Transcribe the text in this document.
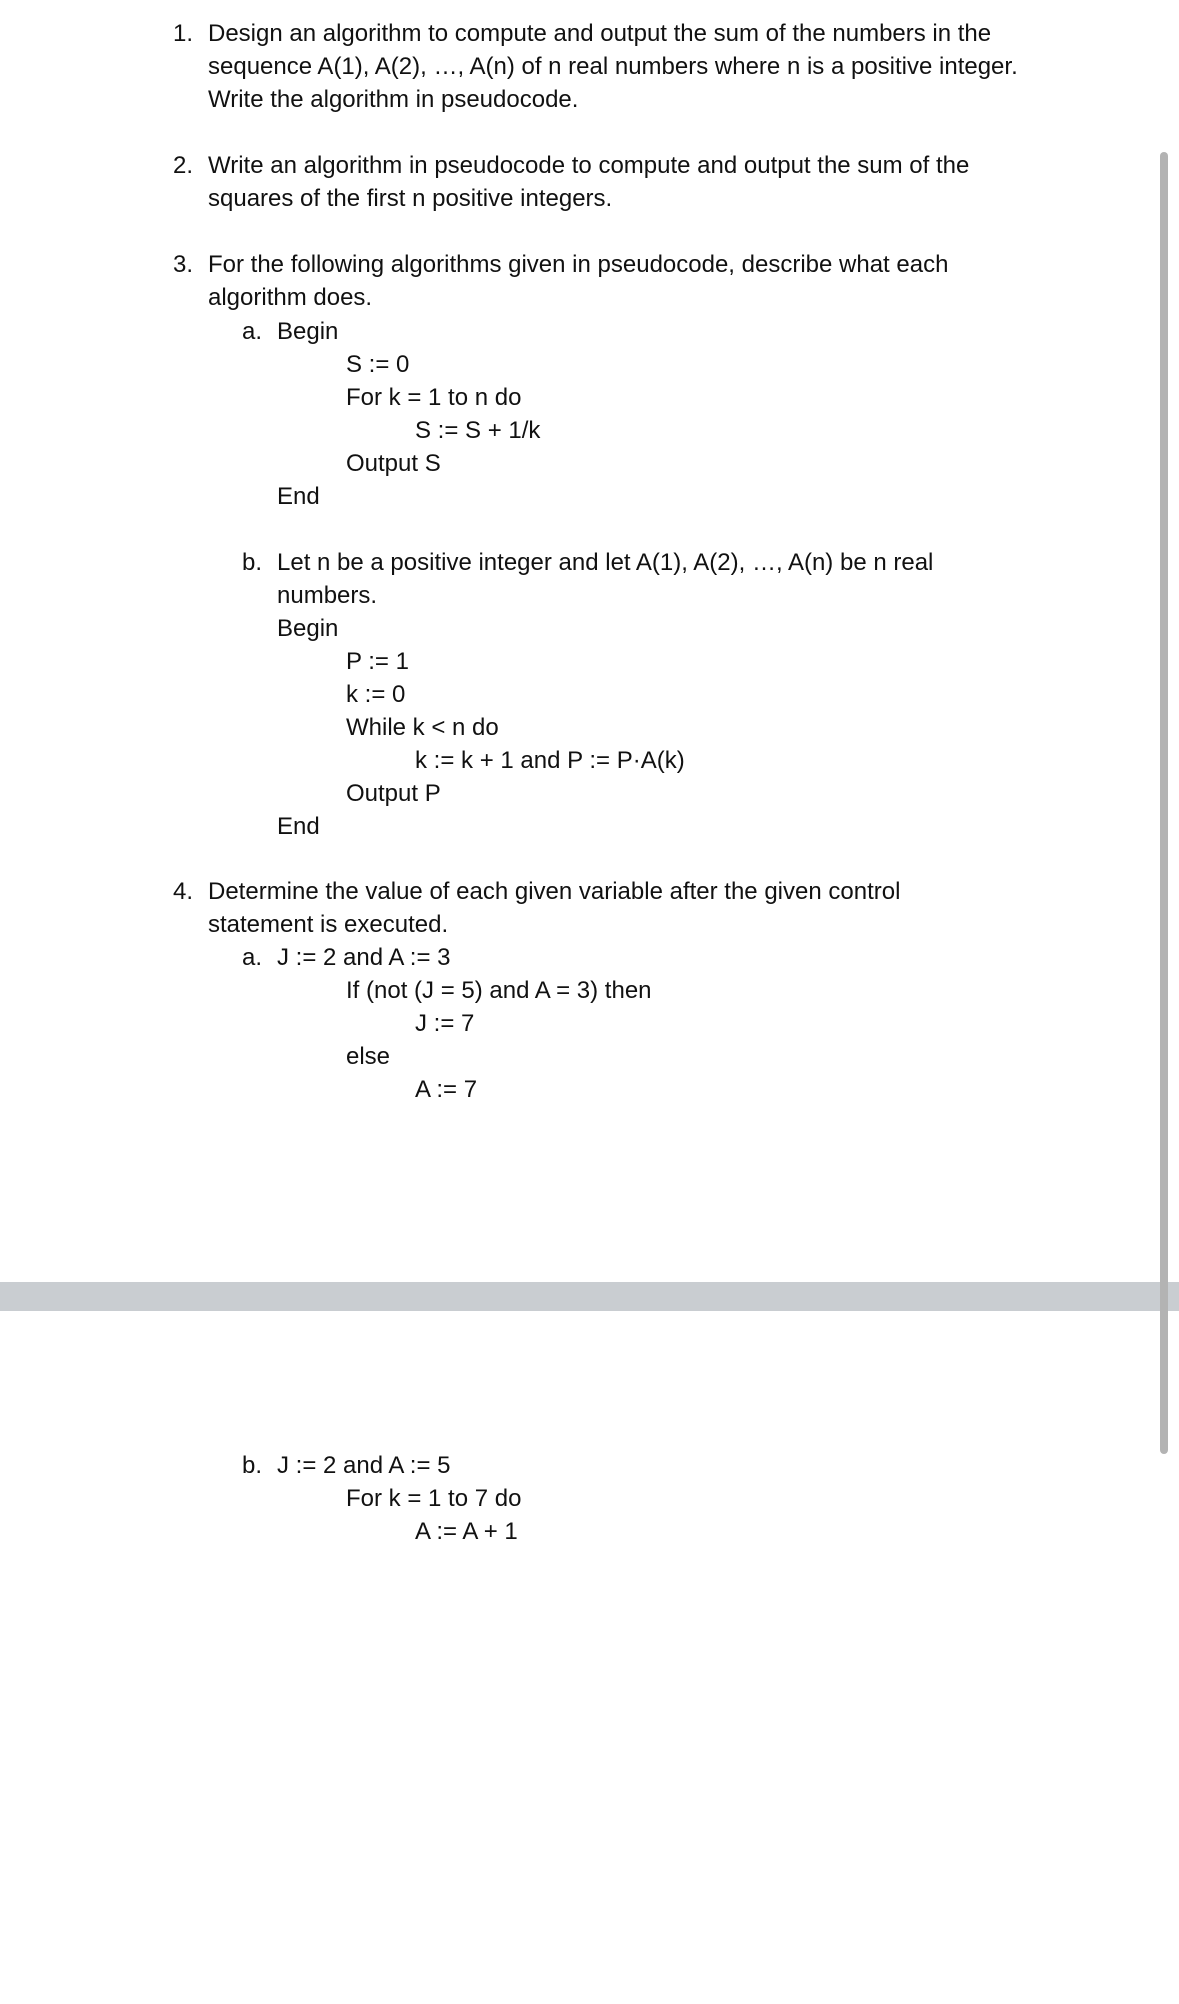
1. Design an algorithm to compute and output the sum of the numbers in the
sequence A(1), A(2), …, A(n) of n real numbers where n is a positive integer.
Write the algorithm in pseudocode.
2. Write an algorithm in pseudocode to compute and output the sum of the
squares of the first n positive integers.
3. For the following algorithms given in pseudocode, describe what each
algorithm does.
a. Begin
S := 0
For k = 1 to n do
S := S + 1/k
Output S
End
b. Let n be a positive integer and let A(1), A(2), …, A(n) be n real
numbers.
Begin
P := 1
k := 0
While k < n do
k := k + 1 and P := P·A(k)
Output P
End
4. Determine the value of each given variable after the given control
statement is executed.
a. J := 2 and A := 3
If (not (J = 5) and A = 3) then
J := 7
else
A := 7
b. J := 2 and A := 5
For k = 1 to 7 do
A := A + 1
